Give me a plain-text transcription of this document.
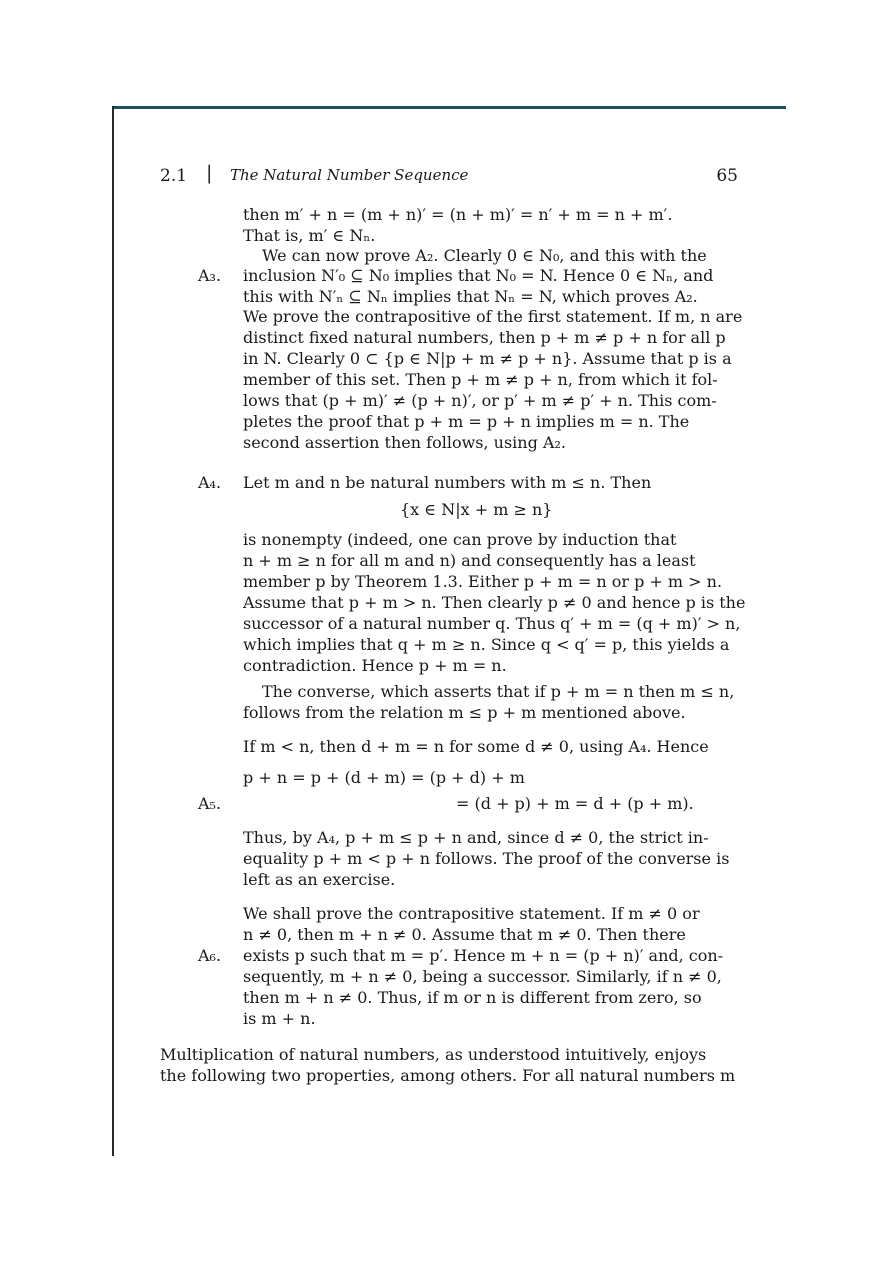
2.1 | The Natural Number Sequence	65
A₃.
A₄.
A₅.
A₆.
then m′ + n = (m + n)′ = (n + m)′ = n′ + m = n + m′.
That is, m′ ∈ Nₙ.
We can now prove A₂. Clearly 0 ∈ N₀, and this with the
inclusion N′₀ ⊆ N₀ implies that N₀ = N. Hence 0 ∈ Nₙ, and
this with N′ₙ ⊆ Nₙ implies that Nₙ = N, which proves A₂.
We prove the contrapositive of the first statement. If m, n are
distinct fixed natural numbers, then p + m ≠ p + n for all p
in N. Clearly 0 ⊂ {p ∈ N|p + m ≠ p + n}. Assume that p is a
member of this set. Then p + m ≠ p + n, from which it fol-
lows that (p + m)′ ≠ (p + n)′, or p′ + m ≠ p′ + n. This com-
pletes the proof that p + m = p + n implies m = n. The
second assertion then follows, using A₂.
Let m and n be natural numbers with m ≤ n. Then
{x ∈ N|x + m ≥ n}
is nonempty (indeed, one can prove by induction that
n + m ≥ n for all m and n) and consequently has a least
member p by Theorem 1.3. Either p + m = n or p + m > n.
Assume that p + m > n. Then clearly p ≠ 0 and hence p is the
successor of a natural number q. Thus q′ + m = (q + m)′ > n,
which implies that q + m ≥ n. Since q < q′ = p, this yields a
contradiction. Hence p + m = n.
The converse, which asserts that if p + m = n then m ≤ n,
follows from the relation m ≤ p + m mentioned above.
If m < n, then d + m = n for some d ≠ 0, using A₄. Hence
p + n = p + (d + m) = (p + d) + m
= (d + p) + m = d + (p + m).
Thus, by A₄, p + m ≤ p + n and, since d ≠ 0, the strict in-
equality p + m < p + n follows. The proof of the converse is
left as an exercise.
We shall prove the contrapositive statement. If m ≠ 0 or
n ≠ 0, then m + n ≠ 0. Assume that m ≠ 0. Then there
exists p such that m = p′. Hence m + n = (p + n)′ and, con-
sequently, m + n ≠ 0, being a successor. Similarly, if n ≠ 0,
then m + n ≠ 0. Thus, if m or n is different from zero, so
is m + n.
Multiplication of natural numbers, as understood intuitively, enjoys
the following two properties, among others. For all natural numbers m
